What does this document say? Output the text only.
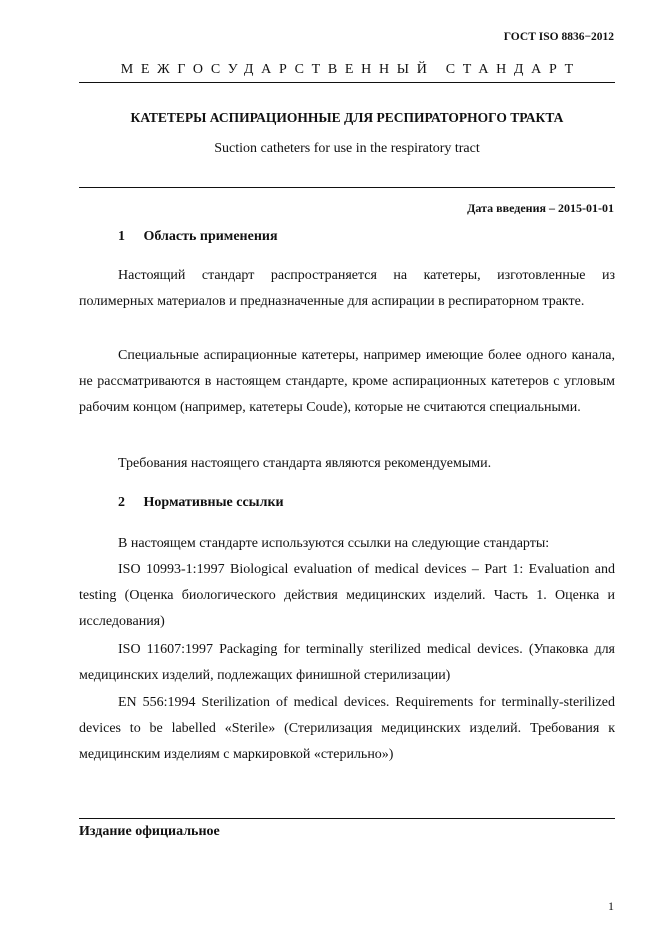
ГОСТ ISO 8836−2012
МЕЖГОСУДАРСТВЕННЫЙ СТАНДАРТ
КАТЕТЕРЫ АСПИРАЦИОННЫЕ ДЛЯ РЕСПИРАТОРНОГО ТРАКТА
Suction catheters for use in the respiratory tract
Дата введения – 2015-01-01
1 Область применения

Настоящий стандарт распространяется на катетеры, изготовленные из полимерных материалов и предназначенные для аспирации в респираторном тракте.

Специальные аспирационные катетеры, например имеющие более одного канала, не рассматриваются в настоящем стандарте, кроме аспирационных катетеров с угловым рабочим концом (например, катетеры Coude), которые не считаются специальными.

Требования настоящего стандарта являются рекомендуемыми.

2 Нормативные ссылки

В настоящем стандарте используются ссылки на следующие стандарты:

ISO 10993-1:1997 Biological evaluation of medical devices – Part 1: Evaluation and testing (Оценка биологического действия медицинских изделий. Часть 1. Оценка и исследования)

ISO 11607:1997 Packaging for terminally sterilized medical devices. (Упаковка для медицинских изделий, подлежащих финишной стерилизации)

EN 556:1994 Sterilization of medical devices. Requirements for terminally-sterilized devices to be labelled «Sterile» (Стерилизация медицинских изделий. Требования к медицинским изделиям с маркировкой «стерильно»)

Издание официальное
1
